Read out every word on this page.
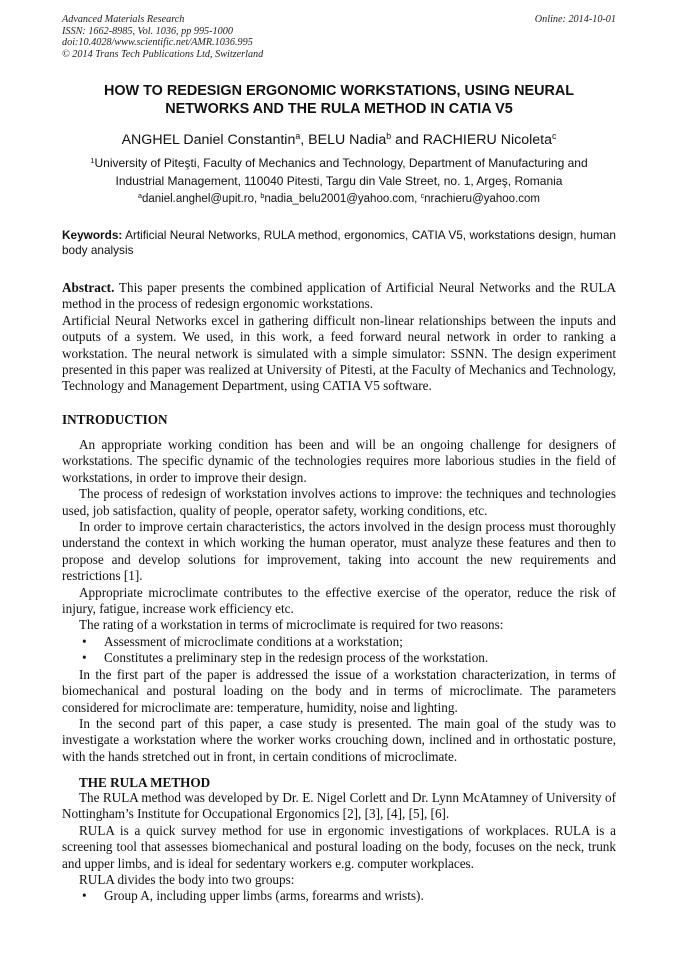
Advanced Materials Research
ISSN: 1662-8985, Vol. 1036, pp 995-1000
doi:10.4028/www.scientific.net/AMR.1036.995
© 2014 Trans Tech Publications Ltd, Switzerland
Online: 2014-10-01
HOW TO REDESIGN ERGONOMIC WORKSTATIONS, USING NEURAL
NETWORKS AND THE RULA METHOD IN CATIA V5
ANGHEL Daniel Constantin$^a$, BELU Nadia$^b$ and RACHIERU Nicoleta$^c$
$^1$University of Piteşti, Faculty of Mechanics and Technology, Department of Manufacturing and
Industrial Management, 110040 Pitesti, Targu din Vale Street, no. 1, Argeş, Romania
$^a$daniel.anghel@upit.ro, $^b$nadia_belu2001@yahoo.com, $^c$nrachieru@yahoo.com
Keywords: Artificial Neural Networks, RULA method, ergonomics, CATIA V5, workstations design, human body analysis

Abstract. This paper presents the combined application of Artificial Neural Networks and the RULA method in the process of redesign ergonomic workstations.

Artificial Neural Networks excel in gathering difficult non-linear relationships between the inputs and outputs of a system. We used, in this work, a feed forward neural network in order to ranking a workstation. The neural network is simulated with a simple simulator: SSNN. The design experiment presented in this paper was realized at University of Pitesti, at the Faculty of Mechanics and Technology, Technology and Management Department, using CATIA V5 software.

INTRODUCTION

An appropriate working condition has been and will be an ongoing challenge for designers of workstations. The specific dynamic of the technologies requires more laborious studies in the field of workstations, in order to improve their design.

The process of redesign of workstation involves actions to improve: the techniques and technologies used, job satisfaction, quality of people, operator safety, working conditions, etc.

In order to improve certain characteristics, the actors involved in the design process must thoroughly understand the context in which working the human operator, must analyze these features and then to propose and develop solutions for improvement, taking into account the new requirements and restrictions [1].

Appropriate microclimate contributes to the effective exercise of the operator, reduce the risk of injury, fatigue, increase work efficiency etc.

The rating of a workstation in terms of microclimate is required for two reasons:

•	Assessment of microclimate conditions at a workstation;
•	Constitutes a preliminary step in the redesign process of the workstation.

In the first part of the paper is addressed the issue of a workstation characterization, in terms of biomechanical and postural loading on the body and in terms of microclimate. The parameters considered for microclimate are: temperature, humidity, noise and lighting.

In the second part of this paper, a case study is presented. The main goal of the study was to investigate a workstation where the worker works crouching down, inclined and in orthostatic posture, with the hands stretched out in front, in certain conditions of microclimate.

THE RULA METHOD

The RULA method was developed by Dr. E. Nigel Corlett and Dr. Lynn McAtamney of University of Nottingham’s Institute for Occupational Ergonomics [2], [3], [4], [5], [6].

RULA is a quick survey method for use in ergonomic investigations of workplaces. RULA is a screening tool that assesses biomechanical and postural loading on the body, focuses on the neck, trunk and upper limbs, and is ideal for sedentary workers e.g. computer workplaces.

RULA divides the body into two groups:

•	Group A, including upper limbs (arms, forearms and wrists).
